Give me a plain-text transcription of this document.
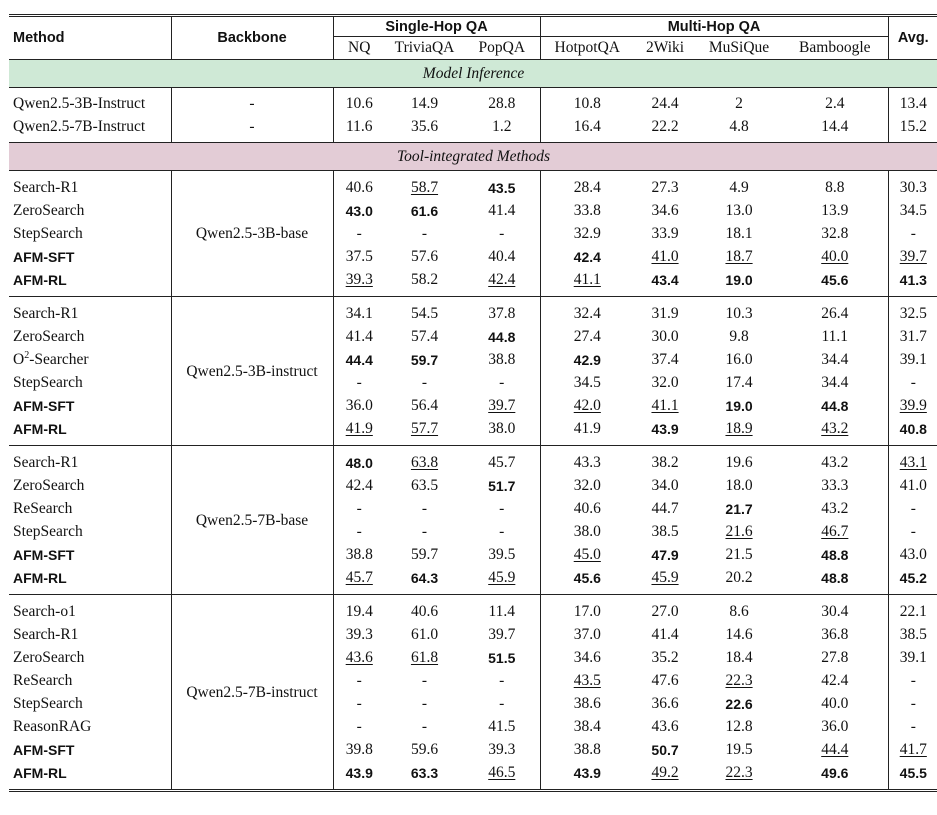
Method	Backbone	Single-Hop QA			Multi-Hop QA				Avg.
		NQ	TriviaQA	PopQA	HotpotQA	2Wiki	MuSiQue	Bamboogle	
Model Inference									

Qwen2.5-3B-Instruct	-	10.6	14.9	28.8	10.8	24.4	2	2.4	13.4
Qwen2.5-7B-Instruct	-	11.6	35.6	1.2	16.4	22.2	4.8	14.4	15.2

Tool-integrated Methods									

Search-R1	Qwen2.5-3B-base	40.6	58.7	43.5	28.4	27.3	4.9	8.8	30.3
ZeroSearch		43.0	61.6	41.4	33.8	34.6	13.0	13.9	34.5
StepSearch		-	-	-	32.9	33.9	18.1	32.8	-
AFM-SFT		37.5	57.6	40.4	42.4	41.0	18.7	40.0	39.7
AFM-RL		39.3	58.2	42.4	41.1	43.4	19.0	45.6	41.3

Search-R1	Qwen2.5-3B-instruct	34.1	54.5	37.8	32.4	31.9	10.3	26.4	32.5
ZeroSearch		41.4	57.4	44.8	27.4	30.0	9.8	11.1	31.7
$O^2$-Searcher		44.4	59.7	38.8	42.9	37.4	16.0	34.4	39.1
StepSearch		-	-	-	34.5	32.0	17.4	34.4	-
AFM-SFT		36.0	56.4	39.7	42.0	41.1	19.0	44.8	39.9
AFM-RL		41.9	57.7	38.0	41.9	43.9	18.9	43.2	40.8

Search-R1	Qwen2.5-7B-base	48.0	63.8	45.7	43.3	38.2	19.6	43.2	43.1
ZeroSearch		42.4	63.5	51.7	32.0	34.0	18.0	33.3	41.0
ReSearch		-	-	-	40.6	44.7	21.7	43.2	-
StepSearch		-	-	-	38.0	38.5	21.6	46.7	-
AFM-SFT		38.8	59.7	39.5	45.0	47.9	21.5	48.8	43.0
AFM-RL		45.7	64.3	45.9	45.6	45.9	20.2	48.8	45.2

Search-o1	Qwen2.5-7B-instruct	19.4	40.6	11.4	17.0	27.0	8.6	30.4	22.1
Search-R1		39.3	61.0	39.7	37.0	41.4	14.6	36.8	38.5
ZeroSearch		43.6	61.8	51.5	34.6	35.2	18.4	27.8	39.1
ReSearch		-	-	-	43.5	47.6	22.3	42.4	-
StepSearch		-	-	-	38.6	36.6	22.6	40.0	-
ReasonRAG		-	-	41.5	38.4	43.6	12.8	36.0	-
AFM-SFT		39.8	59.6	39.3	38.8	50.7	19.5	44.4	41.7
AFM-RL		43.9	63.3	46.5	43.9	49.2	22.3	49.6	45.5
